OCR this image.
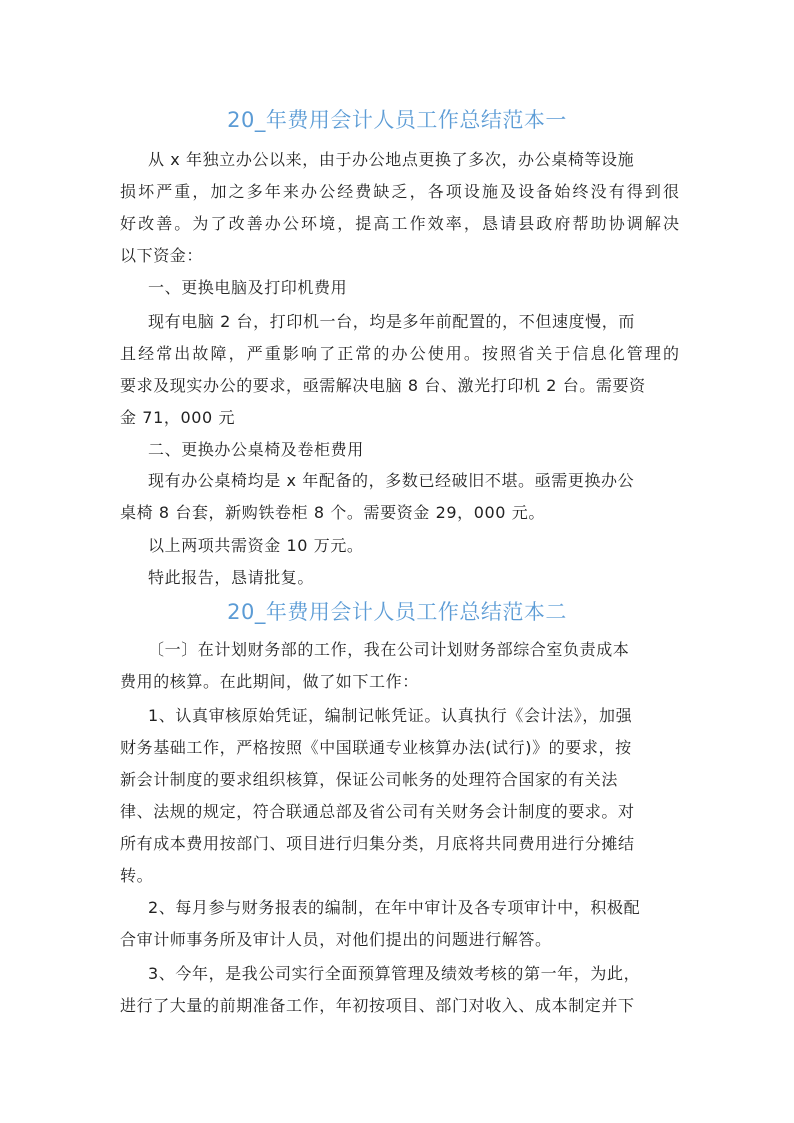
20_年费用会计人员工作总结范本一
从 x 年独立办公以来，由于办公地点更换了多次，办公桌椅等设施
损坏严重，加之多年来办公经费缺乏，各项设施及设备始终没有得到很
好改善。为了改善办公环境，提高工作效率，恳请县政府帮助协调解决
以下资金：
一、更换电脑及打印机费用
现有电脑 2 台，打印机一台，均是多年前配置的，不但速度慢，而
且经常出故障，严重影响了正常的办公使用。按照省关于信息化管理的
要求及现实办公的要求，亟需解决电脑 8 台、激光打印机 2 台。需要资
金 71，000 元
二、更换办公桌椅及卷柜费用
现有办公桌椅均是 x 年配备的，多数已经破旧不堪。亟需更换办公
桌椅 8 台套，新购铁卷柜 8 个。需要资金 29，000 元。
以上两项共需资金 10 万元。
特此报告，恳请批复。
20_年费用会计人员工作总结范本二
〔一〕在计划财务部的工作，我在公司计划财务部综合室负责成本
费用的核算。在此期间，做了如下工作：
1、认真审核原始凭证，编制记帐凭证。认真执行《会计法》，加强
财务基础工作，严格按照《中国联通专业核算办法(试行)》的要求，按
新会计制度的要求组织核算，保证公司帐务的处理符合国家的有关法
律、法规的规定，符合联通总部及省公司有关财务会计制度的要求。对
所有成本费用按部门、项目进行归集分类，月底将共同费用进行分摊结
转。
2、每月参与财务报表的编制，在年中审计及各专项审计中，积极配
合审计师事务所及审计人员，对他们提出的问题进行解答。
3、今年，是我公司实行全面预算管理及绩效考核的第一年，为此，
进行了大量的前期准备工作，年初按项目、部门对收入、成本制定并下
